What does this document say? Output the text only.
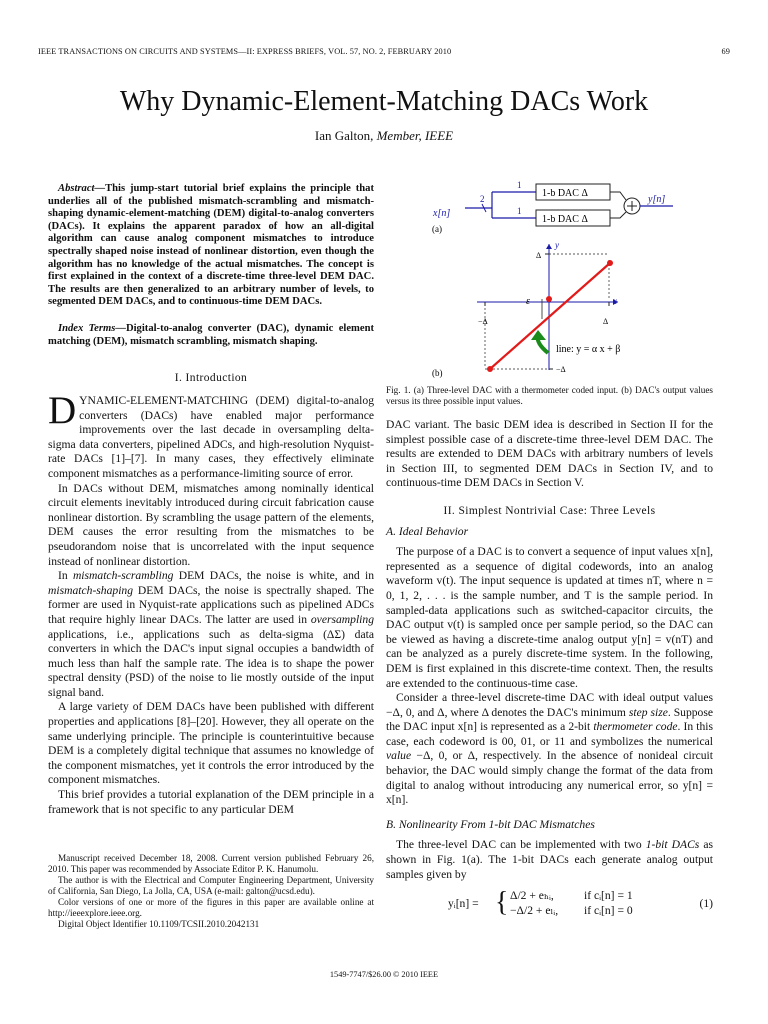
IEEE TRANSACTIONS ON CIRCUITS AND SYSTEMS—II: EXPRESS BRIEFS, VOL. 57, NO. 2, FEBRUARY 2010	69
Why Dynamic-Element-Matching DACs Work
Ian Galton, Member, IEEE

Abstract—This jump-start tutorial brief explains the principle that underlies all of the published mismatch-scrambling and mismatch-shaping dynamic-element-matching (DEM) digital-to-analog converters (DACs). It explains the apparent paradox of how an all-digital algorithm can cause analog component mismatches to introduce spectrally shaped noise instead of nonlinear distortion, even though the algorithm has no knowledge of the actual mismatches. The concept is first explained in the context of a discrete-time three-level DEM DAC. The results are then generalized to an arbitrary number of levels, to segmented DEM DACs, and to continuous-time DEM DACs.

Index Terms—Digital-to-analog converter (DAC), dynamic element matching (DEM), mismatch scrambling, mismatch shaping.

I. Introduction

DYNAMIC-ELEMENT-MATCHING (DEM) digital-to-analog converters (DACs) have enabled major performance improvements over the last decade in oversampling delta-sigma data converters, pipelined ADCs, and high-resolution Nyquist-rate DACs [1]–[7]. In many cases, they effectively eliminate component mismatches as a performance-limiting source of error.

In DACs without DEM, mismatches among nominally identical circuit elements inevitably introduced during circuit fabrication cause nonlinear distortion. By scrambling the usage pattern of the elements, DEM causes the error resulting from the mismatches to be pseudorandom noise that is uncorrelated with the input sequence instead of nonlinear distortion.

In mismatch-scrambling DEM DACs, the noise is white, and in mismatch-shaping DEM DACs, the noise is spectrally shaped. The former are used in Nyquist-rate applications such as pipelined ADCs that require highly linear DACs. The latter are used in oversampling applications, i.e., applications such as delta-sigma (ΔΣ) data converters in which the DAC's input signal occupies a bandwidth of much less than half the sample rate. The idea is to shape the power spectral density (PSD) of the noise to lie mostly outside of the input signal band.

A large variety of DEM DACs have been published with different properties and applications [8]–[20]. However, they all operate on the same underlying principle. The principle is counterintuitive because DEM is a completely digital technique that assumes no knowledge of the component mismatches, yet it controls the error introduced by the component mismatches.

This brief provides a tutorial explanation of the DEM principle in a framework that is not specific to any particular DEM

Manuscript received December 18, 2008. Current version published February 26, 2010. This paper was recommended by Associate Editor P. K. Hanumolu.

The author is with the Electrical and Computer Engineering Department, University of California, San Diego, La Jolla, CA, USA (e-mail: galton@ucsd.edu).

Color versions of one or more of the figures in this paper are available online at http://ieeexplore.ieee.org.

Digital Object Identifier 10.1109/TCSII.2010.2042131

x[n]
2
1
1
1-b DAC Δ
1-b DAC Δ
y[n]
(a)
y
x
Δ
−Δ	Δ
−Δ
ε
line: y = α x + β
(b)
Fig. 1. (a) Three-level DAC with a thermometer coded input. (b) DAC's output values versus its three possible input values.

DAC variant. The basic DEM idea is described in Section II for the simplest possible case of a discrete-time three-level DEM DAC. The results are extended to DEM DACs with arbitrary numbers of levels in Section III, to segmented DEM DACs in Section IV, and to continuous-time DEM DACs in Section V.

II. Simplest Nontrivial Case: Three Levels
A. Ideal Behavior

The purpose of a DAC is to convert a sequence of input values x[n], represented as a sequence of digital codewords, into an analog waveform v(t). The input sequence is updated at times nT, where n = 0, 1, 2, . . . is the sample number, and T is the sample period. In sampled-data applications such as switched-capacitor circuits, the DAC output v(t) is sampled once per sample period, so the DAC can be viewed as having a discrete-time analog output y[n] = v(nT) and can be analyzed as a purely discrete-time system. In the following, DEM is first explained in this discrete-time context. Then, the results are extended to the continuous-time case.

Consider a three-level discrete-time DAC with ideal output values −Δ, 0, and Δ, where Δ denotes the DAC's minimum step size. Suppose the DAC input x[n] is represented as a 2-bit thermometer code. In this case, each codeword is 00, 01, or 11 and symbolizes the numerical value −Δ, 0, or Δ, respectively. In the absence of nonideal circuit behavior, the DAC would simply change the format of the data from digital to analog without introducing any numerical error, so y[n] = x[n].

B. Nonlinearity From 1-bit DAC Mismatches

The three-level DAC can be implemented with two 1-bit DACs as shown in Fig. 1(a). The 1-bit DACs each generate analog output samples given by

yᵢ[n] = { Δ/2 + eₕᵢ,	if cᵢ[n] = 1
−Δ/2 + eₗᵢ, if cᵢ[n] = 0
(1)
1549-7747/$26.00 © 2010 IEEE
